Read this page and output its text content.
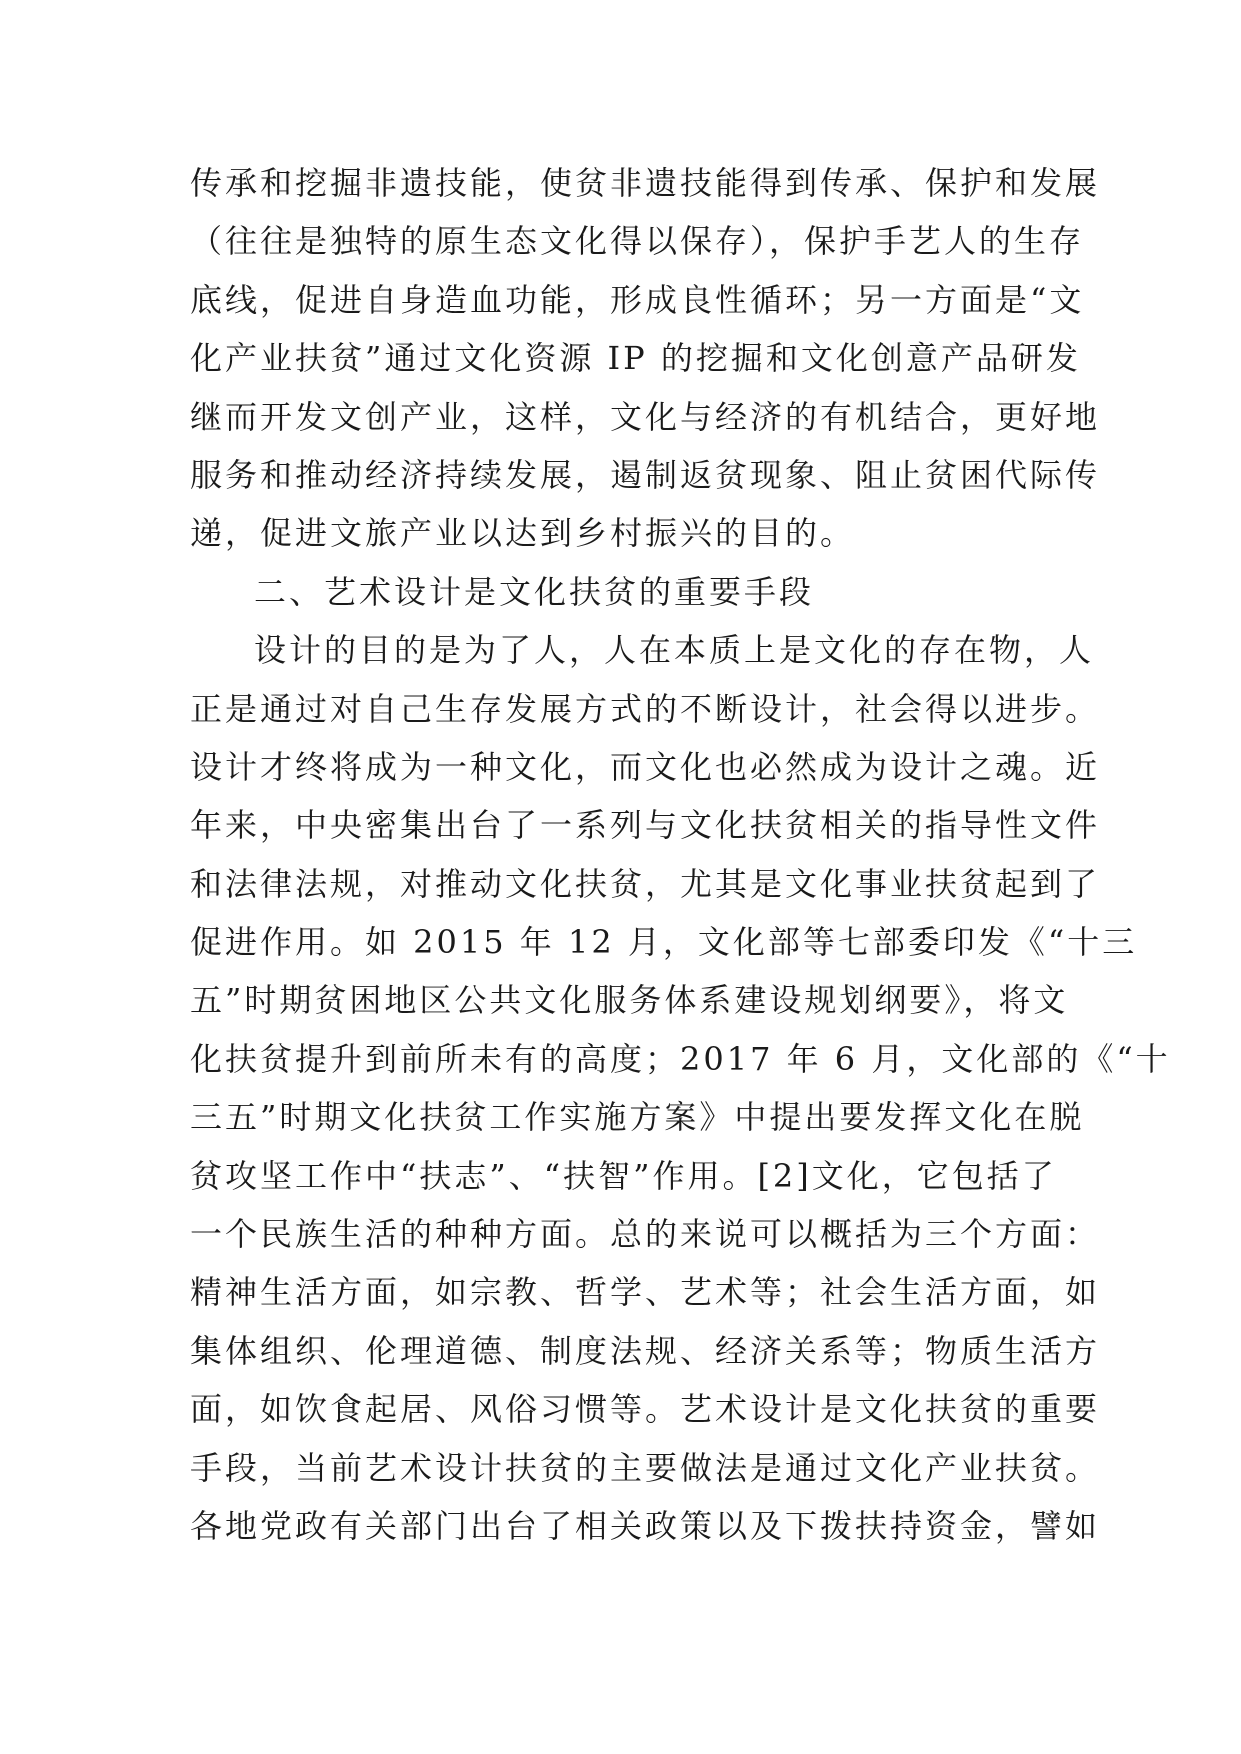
传承和挖掘非遗技能，使贫非遗技能得到传承、保护和发展
（往往是独特的原生态文化得以保存），保护手艺人的生存
底线，促进自身造血功能，形成良性循环；另一方面是“文
化产业扶贫”通过文化资源 IP 的挖掘和文化创意产品研发
继而开发文创产业，这样，文化与经济的有机结合，更好地
服务和推动经济持续发展，遏制返贫现象、阻止贫困代际传
递，促进文旅产业以达到乡村振兴的目的。
二、艺术设计是文化扶贫的重要手段
设计的目的是为了人，人在本质上是文化的存在物，人
正是通过对自己生存发展方式的不断设计，社会得以进步。
设计才终将成为一种文化，而文化也必然成为设计之魂。近
年来，中央密集出台了一系列与文化扶贫相关的指导性文件
和法律法规，对推动文化扶贫，尤其是文化事业扶贫起到了
促进作用。如 2015 年 12 月，文化部等七部委印发《“十三
五”时期贫困地区公共文化服务体系建设规划纲要》，将文
化扶贫提升到前所未有的高度；2017 年 6 月，文化部的《“十
三五”时期文化扶贫工作实施方案》中提出要发挥文化在脱
贫攻坚工作中“扶志”、“扶智”作用。[2]文化，它包括了
一个民族生活的种种方面。总的来说可以概括为三个方面：
精神生活方面，如宗教、哲学、艺术等；社会生活方面，如
集体组织、伦理道德、制度法规、经济关系等；物质生活方
面，如饮食起居、风俗习惯等。艺术设计是文化扶贫的重要
手段，当前艺术设计扶贫的主要做法是通过文化产业扶贫。
各地党政有关部门出台了相关政策以及下拨扶持资金，譬如
